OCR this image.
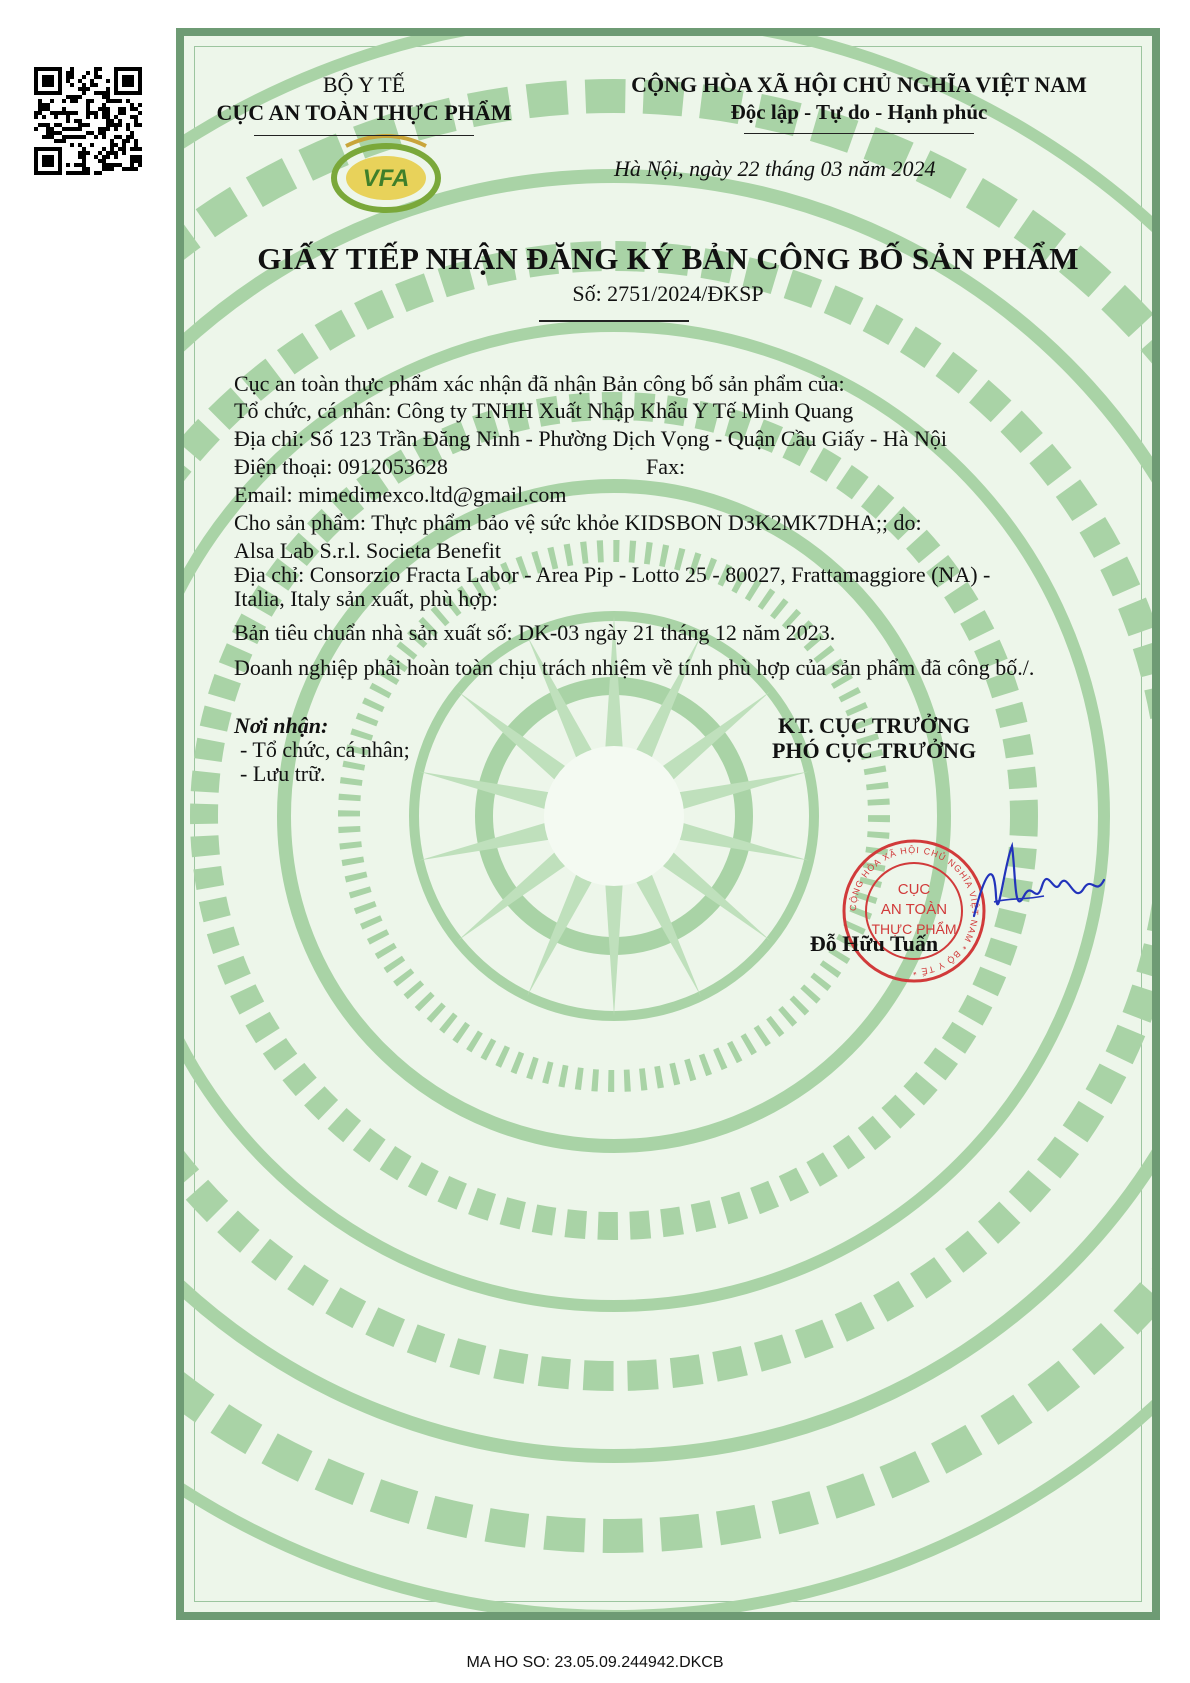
VFA
BỘ Y TẾ
CỤC AN TOÀN THỰC PHẨM
CỘNG HÒA XÃ HỘI CHỦ NGHĨA VIỆT NAM
Độc lập - Tự do - Hạnh phúc
Hà Nội, ngày 22 tháng 03 năm 2024
GIẤY TIẾP NHẬN ĐĂNG KÝ BẢN CÔNG BỐ SẢN PHẨM
Số: 2751/2024/ĐKSP
Cục an toàn thực phẩm xác nhận đã nhận Bản công bố sản phẩm của:
Tổ chức, cá nhân: Công ty TNHH Xuất Nhập Khẩu Y Tế Minh Quang
Địa chỉ: Số 123 Trần Đăng Ninh - Phường Dịch Vọng - Quận Cầu Giấy - Hà Nội
Điện thoại: 0912053628	Fax:
Email: mimedimexco.ltd@gmail.com
Cho sản phẩm: Thực phẩm bảo vệ sức khỏe KIDSBON D3K2MK7DHA;; do:
Alsa Lab S.r.l. Societa Benefit
Địa chỉ: Consorzio Fracta Labor - Area Pip - Lotto 25 - 80027, Frattamaggiore (NA) -
Italia, Italy sản xuất, phù hợp:
Bản tiêu chuẩn nhà sản xuất số: DK-03 ngày 21 tháng 12 năm 2023.
Doanh nghiệp phải hoàn toàn chịu trách nhiệm về tính phù hợp của sản phẩm đã công bố./.
Nơi nhận:
- Tổ chức, cá nhân;
- Lưu trữ.
KT. CỤC TRƯỞNG
PHÓ CỤC TRƯỞNG
CỘNG HÒA XÃ HỘI CHỦ NGHĨA VIỆT NAM * BỘ Y TẾ *
CỤC
AN TOÀN
THỰC PHẨM
Đỗ Hữu Tuấn
MA HO SO: 23.05.09.244942.DKCB
